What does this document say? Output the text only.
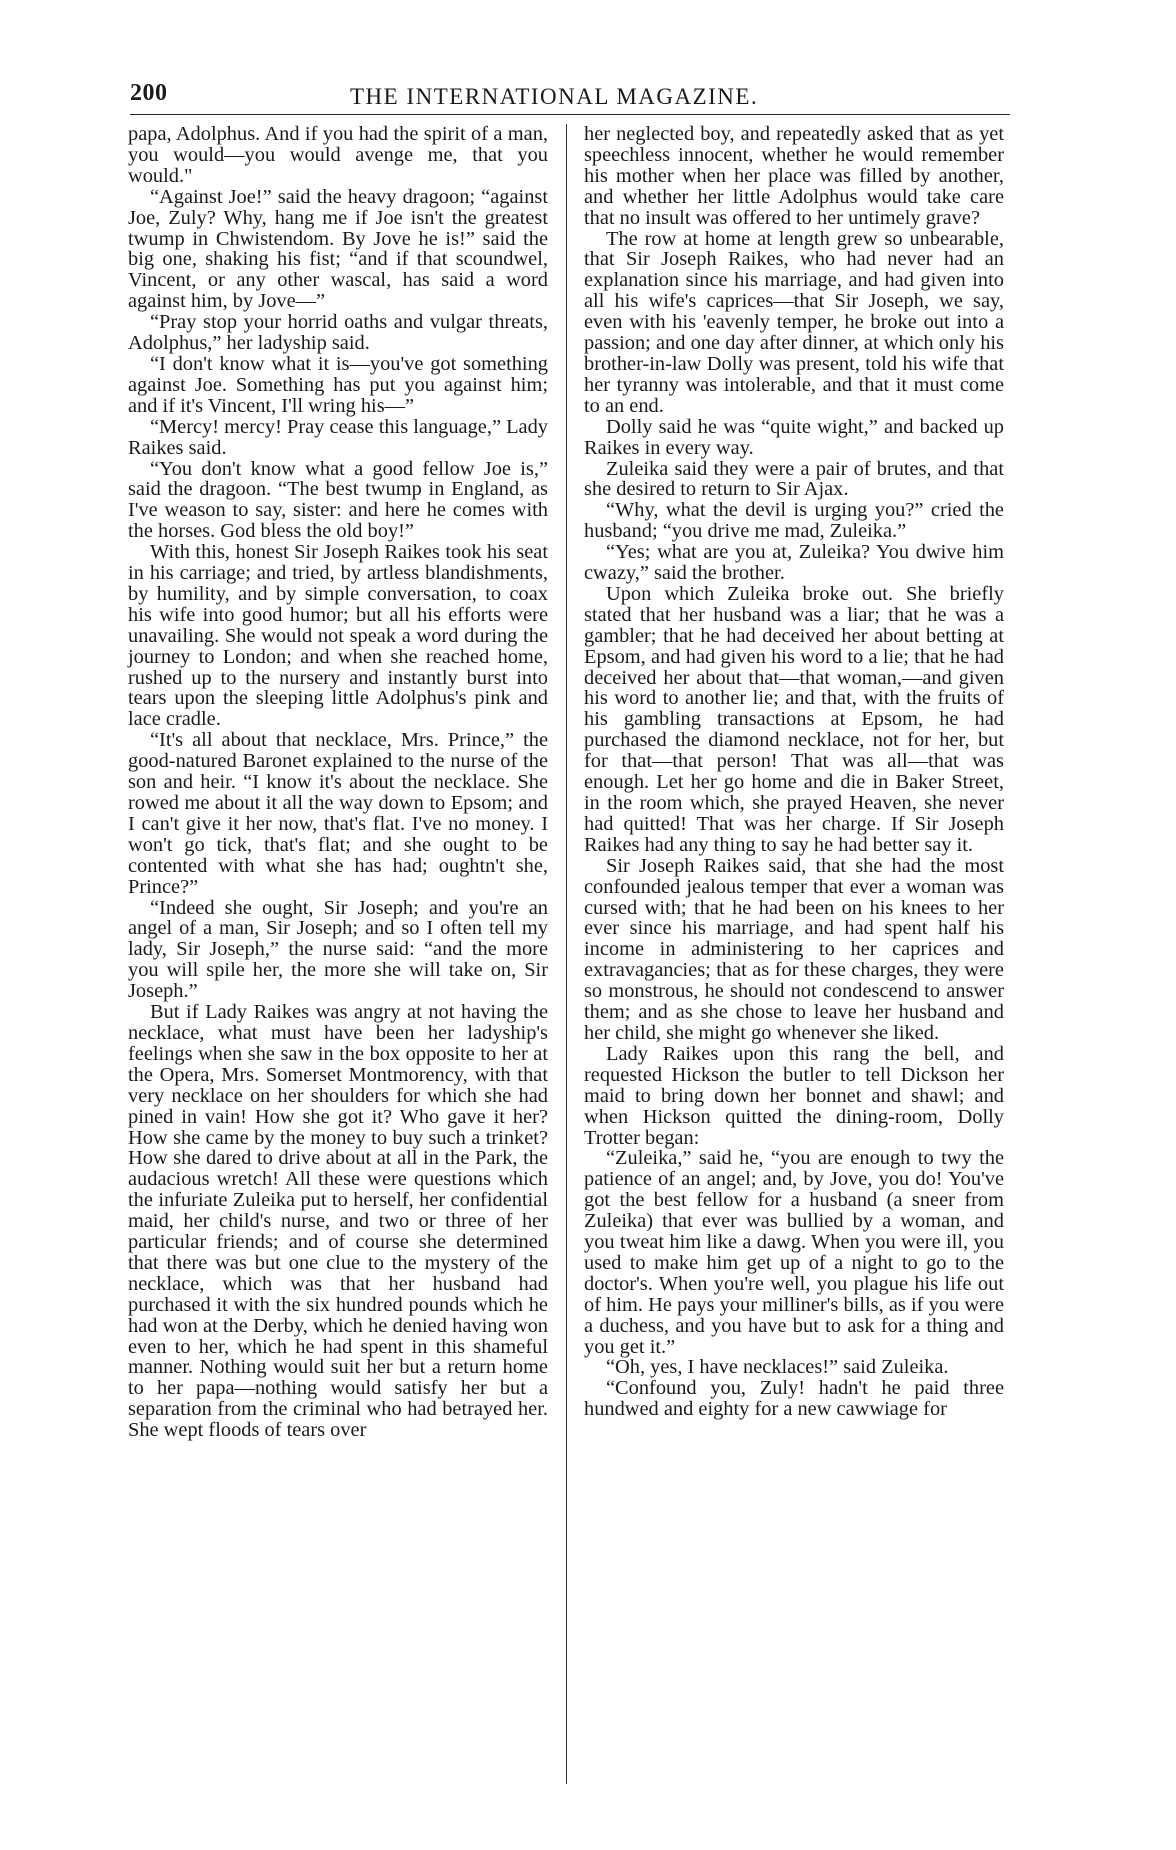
200	THE INTERNATIONAL MAGAZINE.

papa, Adolphus. And if you had the spirit of a man, you would—you would avenge me, that you would."

“Against Joe!” said the heavy dragoon; “against Joe, Zuly? Why, hang me if Joe isn't the greatest twump in Chwistendom. By Jove he is!” said the big one, shaking his fist; “and if that scoundwel, Vincent, or any other wascal, has said a word against him, by Jove—”

“Pray stop your horrid oaths and vulgar threats, Adolphus,” her ladyship said.

“I don't know what it is—you've got something against Joe. Something has put you against him; and if it's Vincent, I'll wring his—”

“Mercy! mercy! Pray cease this language,” Lady Raikes said.

“You don't know what a good fellow Joe is,” said the dragoon. “The best twump in England, as I've weason to say, sister: and here he comes with the horses. God bless the old boy!”

With this, honest Sir Joseph Raikes took his seat in his carriage; and tried, by artless blandishments, by humility, and by simple conversation, to coax his wife into good humor; but all his efforts were unavailing. She would not speak a word during the journey to London; and when she reached home, rushed up to the nursery and instantly burst into tears upon the sleeping little Adolphus's pink and lace cradle.

“It's all about that necklace, Mrs. Prince,” the good-natured Baronet explained to the nurse of the son and heir. “I know it's about the necklace. She rowed me about it all the way down to Epsom; and I can't give it her now, that's flat. I've no money. I won't go tick, that's flat; and she ought to be contented with what she has had; oughtn't she, Prince?”

“Indeed she ought, Sir Joseph; and you're an angel of a man, Sir Joseph; and so I often tell my lady, Sir Joseph,” the nurse said: “and the more you will spile her, the more she will take on, Sir Joseph.”

But if Lady Raikes was angry at not having the necklace, what must have been her ladyship's feelings when she saw in the box opposite to her at the Opera, Mrs. Somerset Montmorency, with that very necklace on her shoulders for which she had pined in vain! How she got it? Who gave it her? How she came by the money to buy such a trinket? How she dared to drive about at all in the Park, the audacious wretch! All these were questions which the infuriate Zuleika put to herself, her confidential maid, her child's nurse, and two or three of her particular friends; and of course she determined that there was but one clue to the mystery of the necklace, which was that her husband had purchased it with the six hundred pounds which he had won at the Derby, which he denied having won even to her, which he had spent in this shameful manner. Nothing would suit her but a return home to her papa—nothing would satisfy her but a separation from the criminal who had betrayed her. She wept floods of tears over

her neglected boy, and repeatedly asked that as yet speechless innocent, whether he would remember his mother when her place was filled by another, and whether her little Adolphus would take care that no insult was offered to her untimely grave?

The row at home at length grew so unbearable, that Sir Joseph Raikes, who had never had an explanation since his marriage, and had given into all his wife's caprices—that Sir Joseph, we say, even with his 'eavenly temper, he broke out into a passion; and one day after dinner, at which only his brother-in-law Dolly was present, told his wife that her tyranny was intolerable, and that it must come to an end.

Dolly said he was “quite wight,” and backed up Raikes in every way.

Zuleika said they were a pair of brutes, and that she desired to return to Sir Ajax.

“Why, what the devil is urging you?” cried the husband; “you drive me mad, Zuleika.”

“Yes; what are you at, Zuleika? You dwive him cwazy,” said the brother.

Upon which Zuleika broke out. She briefly stated that her husband was a liar; that he was a gambler; that he had deceived her about betting at Epsom, and had given his word to a lie; that he had deceived her about that—that woman,—and given his word to another lie; and that, with the fruits of his gambling transactions at Epsom, he had purchased the diamond necklace, not for her, but for that—that person! That was all—that was enough. Let her go home and die in Baker Street, in the room which, she prayed Heaven, she never had quitted! That was her charge. If Sir Joseph Raikes had any thing to say he had better say it.

Sir Joseph Raikes said, that she had the most confounded jealous temper that ever a woman was cursed with; that he had been on his knees to her ever since his marriage, and had spent half his income in administering to her caprices and extravagancies; that as for these charges, they were so monstrous, he should not condescend to answer them; and as she chose to leave her husband and her child, she might go whenever she liked.

Lady Raikes upon this rang the bell, and requested Hickson the butler to tell Dickson her maid to bring down her bonnet and shawl; and when Hickson quitted the dining-room, Dolly Trotter began:

“Zuleika,” said he, “you are enough to twy the patience of an angel; and, by Jove, you do! You've got the best fellow for a husband (a sneer from Zuleika) that ever was bullied by a woman, and you tweat him like a dawg. When you were ill, you used to make him get up of a night to go to the doctor's. When you're well, you plague his life out of him. He pays your milliner's bills, as if you were a duchess, and you have but to ask for a thing and you get it.”

“Oh, yes, I have necklaces!” said Zuleika.

“Confound you, Zuly! hadn't he paid three hundwed and eighty for a new cawwiage for
